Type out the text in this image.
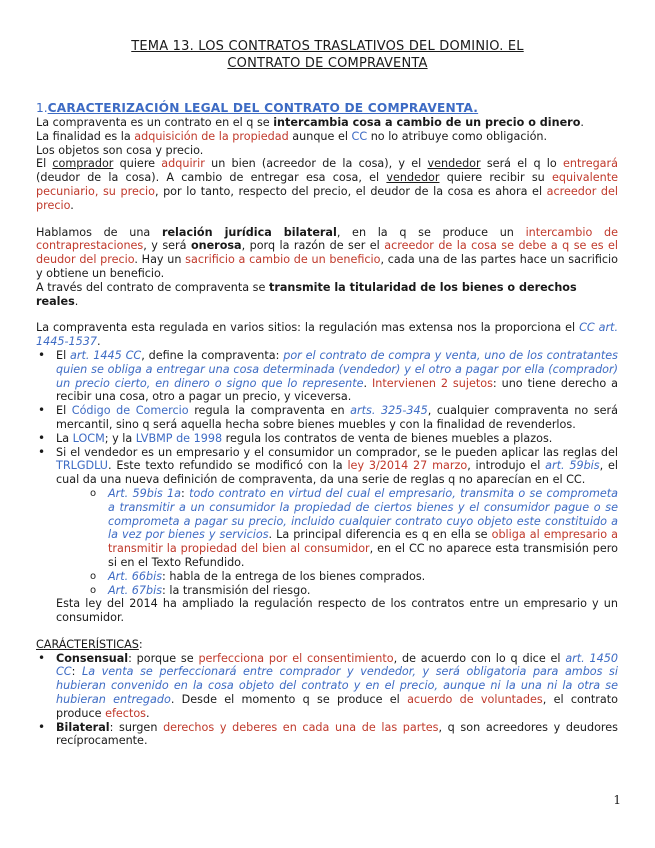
TEMA 13. LOS CONTRATOS TRASLATIVOS DEL DOMINIO. EL
CONTRATO DE COMPRAVENTA

1.CARACTERIZACIÓN LEGAL DEL CONTRATO DE COMPRAVENTA.

La compraventa es un contrato en el q se intercambia cosa a cambio de un precio o dinero.

La finalidad es la adquisición de la propiedad aunque el CC no lo atribuye como obligación.

Los objetos son cosa y precio.

El comprador quiere adquirir un bien (acreedor de la cosa), y el vendedor será el q lo entregará (deudor de la cosa). A cambio de entregar esa cosa, el vendedor quiere recibir su equivalente pecuniario, su precio, por lo tanto, respecto del precio, el deudor de la cosa es ahora el acreedor del precio.

Hablamos de una relación jurídica bilateral, en la q se produce un intercambio de contraprestaciones, y será onerosa, porq la razón de ser el acreedor de la cosa se debe a q se es el deudor del precio. Hay un sacrificio a cambio de un beneficio, cada una de las partes hace un sacrificio y obtiene un beneficio.

A través del contrato de compraventa se transmite la titularidad de los bienes o derechos reales.

La compraventa esta regulada en varios sitios: la regulación mas extensa nos la proporciona el CC art. 1445-1537.

• El art. 1445 CC, define la compraventa: por el contrato de compra y venta, uno de los contratantes quien se obliga a entregar una cosa determinada (vendedor) y el otro a pagar por ella (comprador) un precio cierto, en dinero o signo que lo represente. Intervienen 2 sujetos: uno tiene derecho a recibir una cosa, otro a pagar un precio, y viceversa.
• El Código de Comercio regula la compraventa en arts. 325-345, cualquier compraventa no será mercantil, sino q será aquella hecha sobre bienes muebles y con la finalidad de revenderlos.
• La LOCM; y la LVBMP de 1998 regula los contratos de venta de bienes muebles a plazos.
• Si el vendedor es un empresario y el consumidor un comprador, se le pueden aplicar las reglas del TRLGDLU. Este texto refundido se modificó con la ley 3/2014 27 marzo, introdujo el art. 59bis, el cual da una nueva definición de compraventa, da una serie de reglas q no aparecían en el CC.
o Art. 59bis 1a: todo contrato en virtud del cual el empresario, transmita o se comprometa a transmitir a un consumidor la propiedad de ciertos bienes y el consumidor pague o se comprometa a pagar su precio, incluido cualquier contrato cuyo objeto este constituido a la vez por bienes y servicios. La principal diferencia es q en ella se obliga al empresario a transmitir la propiedad del bien al consumidor, en el CC no aparece esta transmisión pero si en el Texto Refundido.
o Art. 66bis: habla de la entrega de los bienes comprados.
o Art. 67bis: la transmisión del riesgo.

Esta ley del 2014 ha ampliado la regulación respecto de los contratos entre un empresario y un consumidor.

CARÁCTERÍSTICAS:

• Consensual: porque se perfecciona por el consentimiento, de acuerdo con lo q dice el art. 1450 CC: La venta se perfeccionará entre comprador y vendedor, y será obligatoria para ambos si hubieran convenido en la cosa objeto del contrato y en el precio, aunque ni la una ni la otra se hubieran entregado. Desde el momento q se produce el acuerdo de voluntades, el contrato produce efectos.
• Bilateral: surgen derechos y deberes en cada una de las partes, q son acreedores y deudores recíprocamente.
1
